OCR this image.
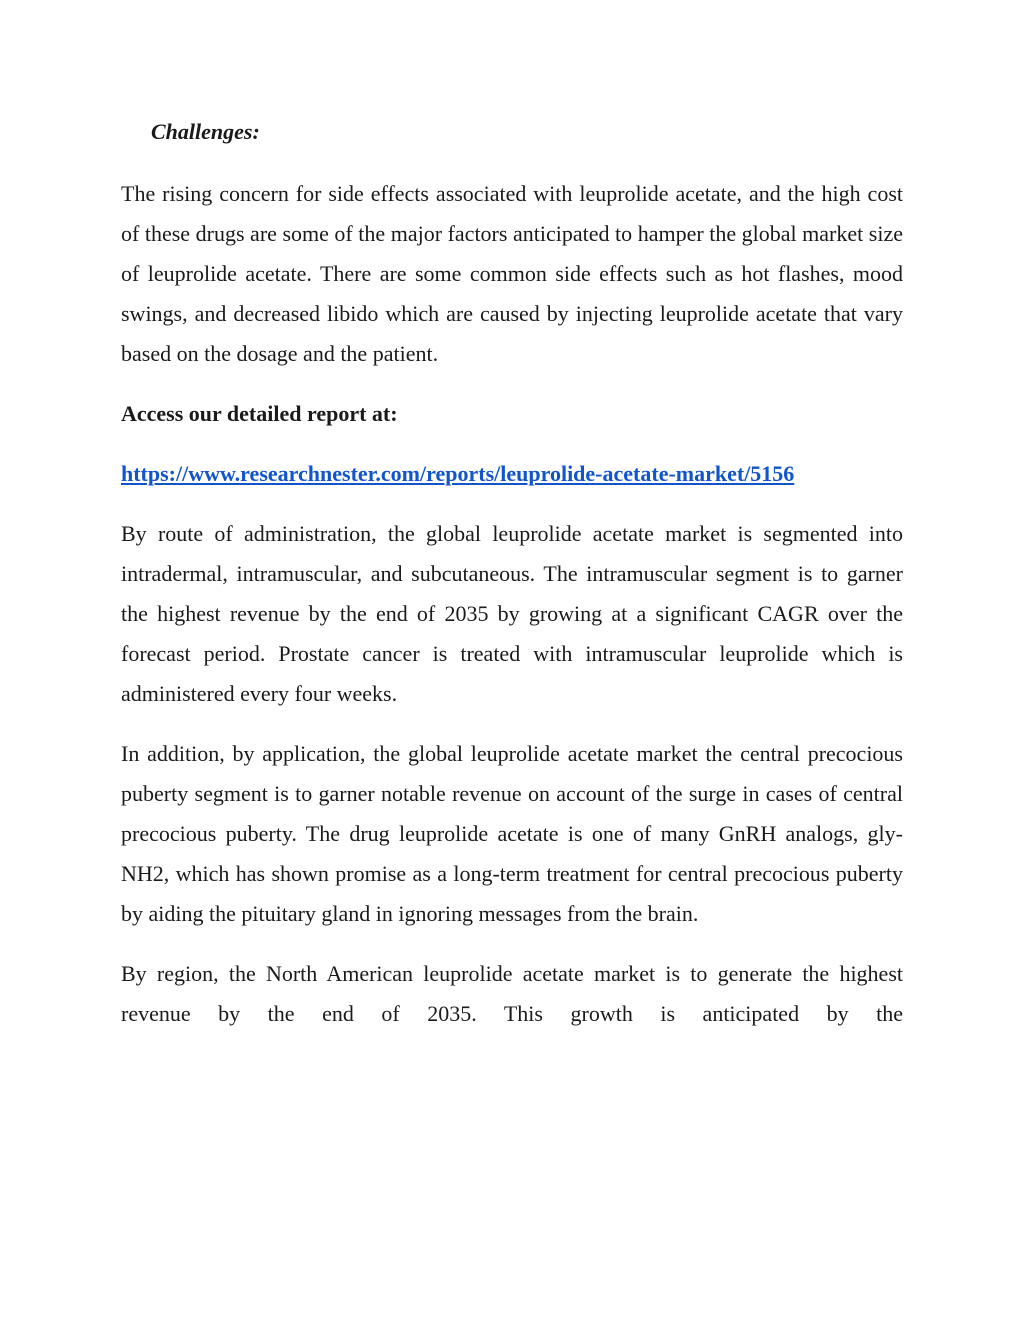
Challenges:

The rising concern for side effects associated with leuprolide acetate, and the high cost of these drugs are some of the major factors anticipated to hamper the global market size of leuprolide acetate. There are some common side effects such as hot flashes, mood swings, and decreased libido which are caused by injecting leuprolide acetate that vary based on the dosage and the patient.

Access our detailed report at:
https://www.researchnester.com/reports/leuprolide-acetate-market/5156

By route of administration, the global leuprolide acetate market is segmented into intradermal, intramuscular, and subcutaneous. The intramuscular segment is to garner the highest revenue by the end of 2035 by growing at a significant CAGR over the forecast period. Prostate cancer is treated with intramuscular leuprolide which is administered every four weeks.

In addition, by application, the global leuprolide acetate market the central precocious puberty segment is to garner notable revenue on account of the surge in cases of central precocious puberty. The drug leuprolide acetate is one of many GnRH analogs, gly-NH2, which has shown promise as a long-term treatment for central precocious puberty by aiding the pituitary gland in ignoring messages from the brain.

By region, the North American leuprolide acetate market is to generate the highest revenue by the end of 2035. This growth is anticipated by the
